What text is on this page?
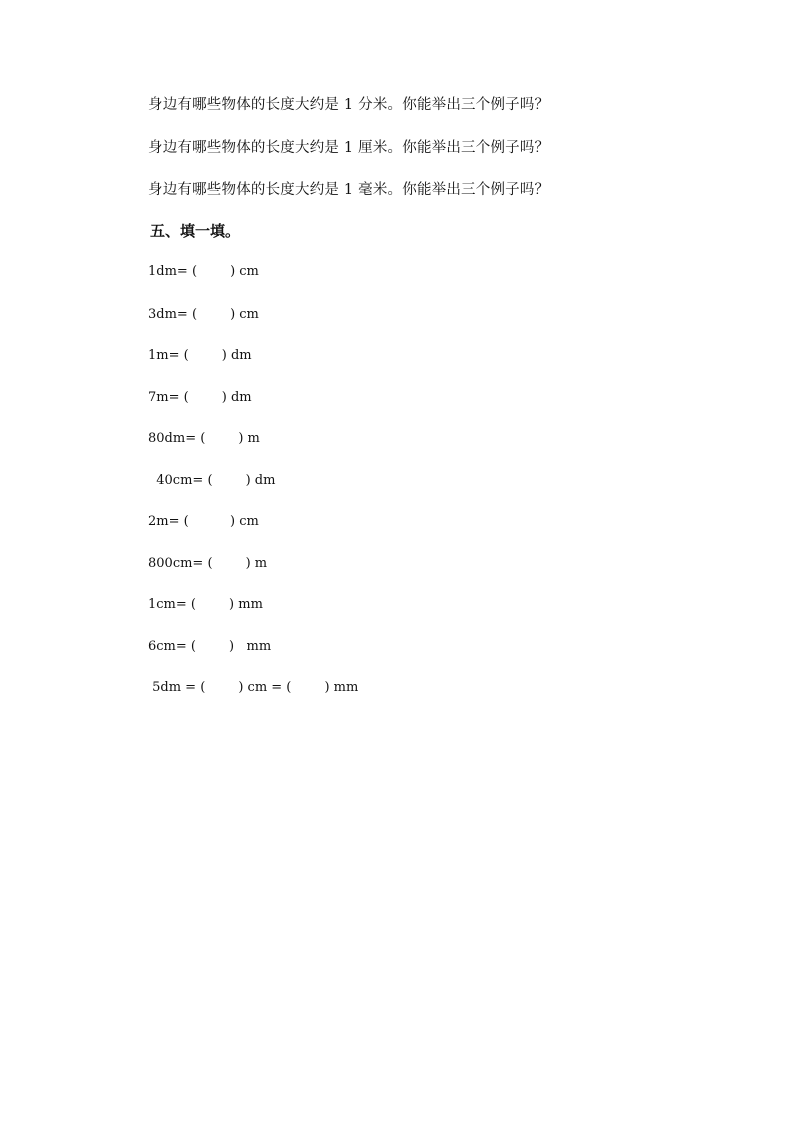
身边有哪些物体的长度大约是 1 分米。你能举出三个例子吗？
身边有哪些物体的长度大约是 1 厘米。你能举出三个例子吗？
身边有哪些物体的长度大约是 1 毫米。你能举出三个例子吗？
五、填一填。
1dm= (        ) cm
3dm= (        ) cm
1m= (        ) dm
7m= (        ) dm
80dm= (        ) m
40cm= (        ) dm
2m= (          ) cm
800cm= (        ) m
1cm= (        ) mm
6cm= (        )   mm
5dm = (        ) cm = (        ) mm
